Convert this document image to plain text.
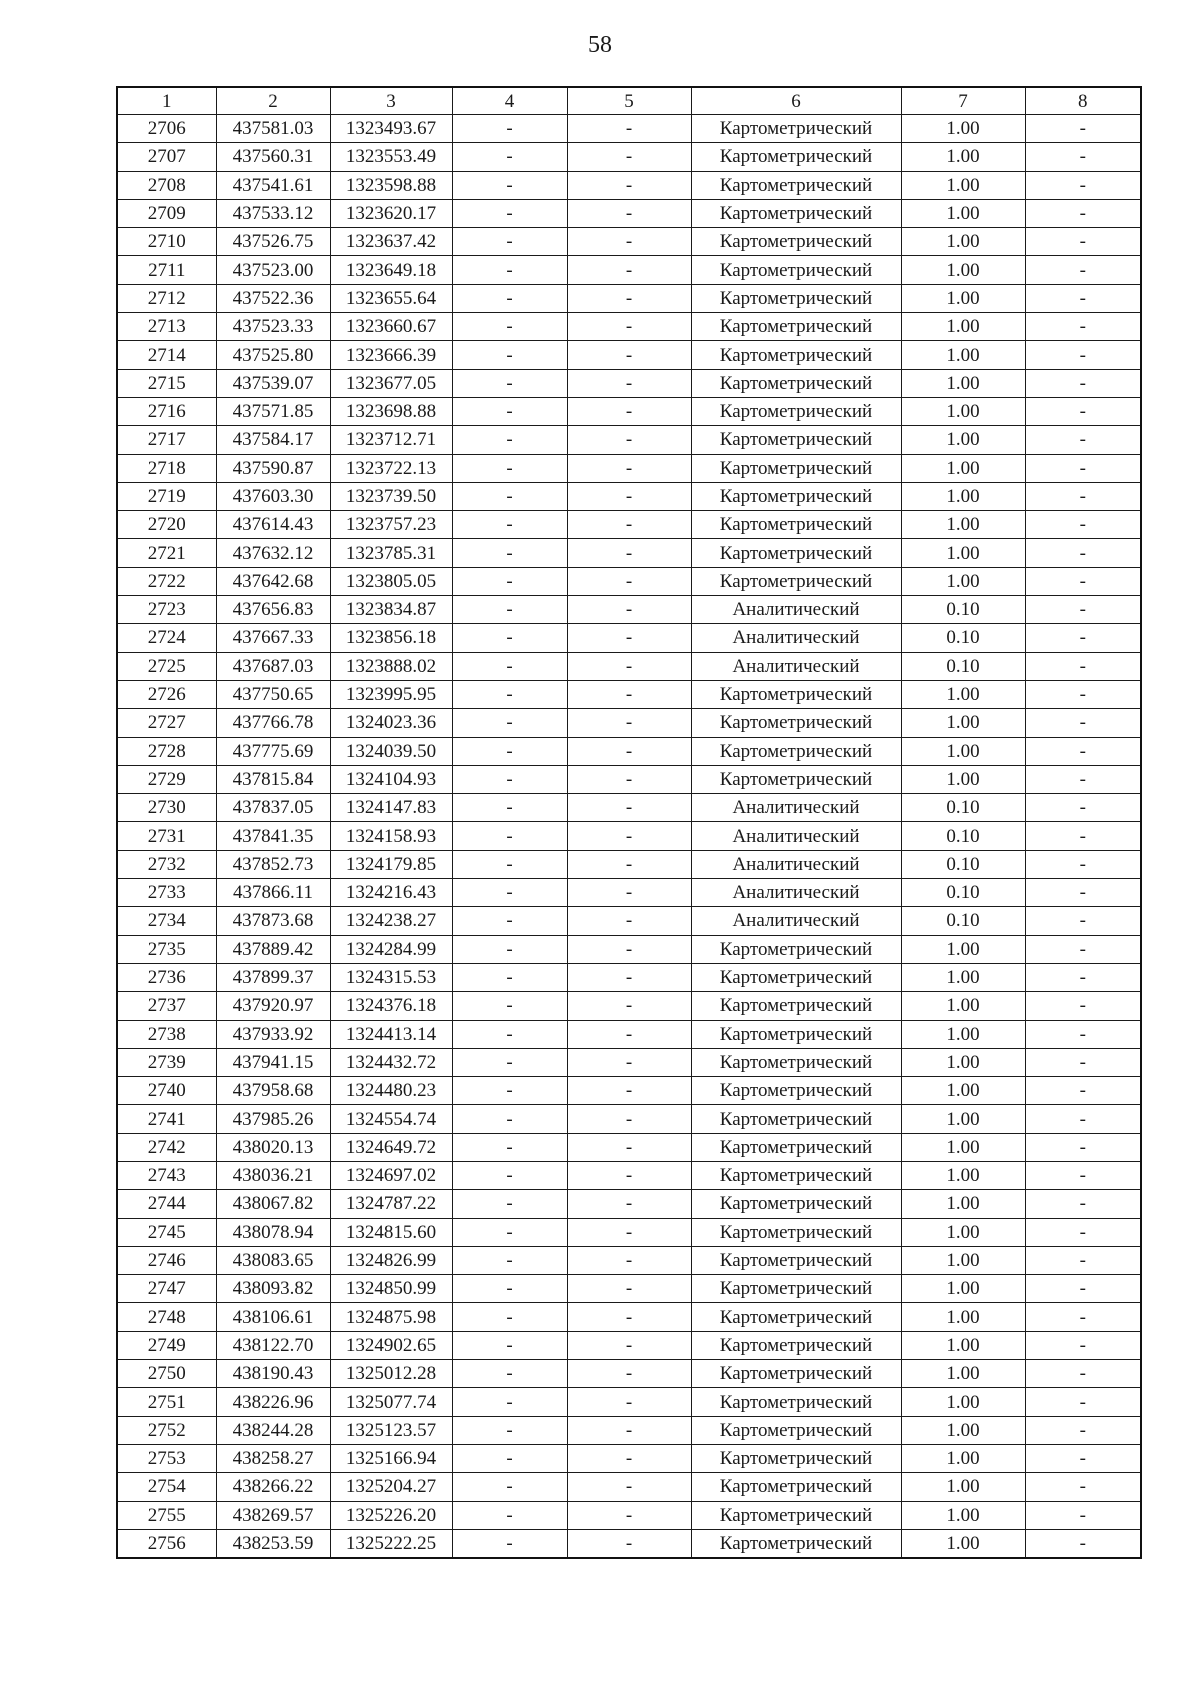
58
1	2	3	4	5	6	7	8
2706	437581.03	1323493.67	-	-	Картометрический	1.00	-
2707	437560.31	1323553.49	-	-	Картометрический	1.00	-
2708	437541.61	1323598.88	-	-	Картометрический	1.00	-
2709	437533.12	1323620.17	-	-	Картометрический	1.00	-
2710	437526.75	1323637.42	-	-	Картометрический	1.00	-
2711	437523.00	1323649.18	-	-	Картометрический	1.00	-
2712	437522.36	1323655.64	-	-	Картометрический	1.00	-
2713	437523.33	1323660.67	-	-	Картометрический	1.00	-
2714	437525.80	1323666.39	-	-	Картометрический	1.00	-
2715	437539.07	1323677.05	-	-	Картометрический	1.00	-
2716	437571.85	1323698.88	-	-	Картометрический	1.00	-
2717	437584.17	1323712.71	-	-	Картометрический	1.00	-
2718	437590.87	1323722.13	-	-	Картометрический	1.00	-
2719	437603.30	1323739.50	-	-	Картометрический	1.00	-
2720	437614.43	1323757.23	-	-	Картометрический	1.00	-
2721	437632.12	1323785.31	-	-	Картометрический	1.00	-
2722	437642.68	1323805.05	-	-	Картометрический	1.00	-
2723	437656.83	1323834.87	-	-	Аналитический	0.10	-
2724	437667.33	1323856.18	-	-	Аналитический	0.10	-
2725	437687.03	1323888.02	-	-	Аналитический	0.10	-
2726	437750.65	1323995.95	-	-	Картометрический	1.00	-
2727	437766.78	1324023.36	-	-	Картометрический	1.00	-
2728	437775.69	1324039.50	-	-	Картометрический	1.00	-
2729	437815.84	1324104.93	-	-	Картометрический	1.00	-
2730	437837.05	1324147.83	-	-	Аналитический	0.10	-
2731	437841.35	1324158.93	-	-	Аналитический	0.10	-
2732	437852.73	1324179.85	-	-	Аналитический	0.10	-
2733	437866.11	1324216.43	-	-	Аналитический	0.10	-
2734	437873.68	1324238.27	-	-	Аналитический	0.10	-
2735	437889.42	1324284.99	-	-	Картометрический	1.00	-
2736	437899.37	1324315.53	-	-	Картометрический	1.00	-
2737	437920.97	1324376.18	-	-	Картометрический	1.00	-
2738	437933.92	1324413.14	-	-	Картометрический	1.00	-
2739	437941.15	1324432.72	-	-	Картометрический	1.00	-
2740	437958.68	1324480.23	-	-	Картометрический	1.00	-
2741	437985.26	1324554.74	-	-	Картометрический	1.00	-
2742	438020.13	1324649.72	-	-	Картометрический	1.00	-
2743	438036.21	1324697.02	-	-	Картометрический	1.00	-
2744	438067.82	1324787.22	-	-	Картометрический	1.00	-
2745	438078.94	1324815.60	-	-	Картометрический	1.00	-
2746	438083.65	1324826.99	-	-	Картометрический	1.00	-
2747	438093.82	1324850.99	-	-	Картометрический	1.00	-
2748	438106.61	1324875.98	-	-	Картометрический	1.00	-
2749	438122.70	1324902.65	-	-	Картометрический	1.00	-
2750	438190.43	1325012.28	-	-	Картометрический	1.00	-
2751	438226.96	1325077.74	-	-	Картометрический	1.00	-
2752	438244.28	1325123.57	-	-	Картометрический	1.00	-
2753	438258.27	1325166.94	-	-	Картометрический	1.00	-
2754	438266.22	1325204.27	-	-	Картометрический	1.00	-
2755	438269.57	1325226.20	-	-	Картометрический	1.00	-
2756	438253.59	1325222.25	-	-	Картометрический	1.00	-
